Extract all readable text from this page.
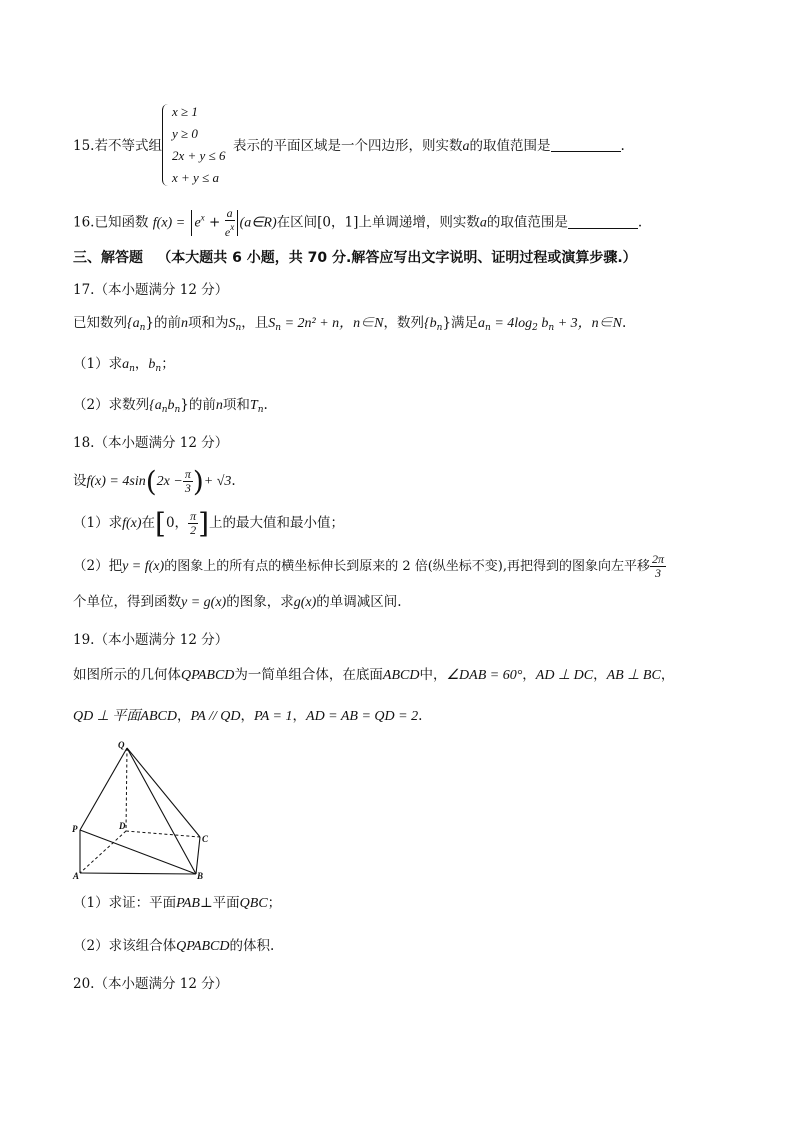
15.若不等式组
x ≥ 1
y ≥ 0
2x + y ≤ 6
x + y ≤ a
表示的平面区域是一个四边形，则实数a的取值范围是	.
16.已知函数 $f(x) = e^x + \frac{a}{e^x}$ (a∈R)在区间[0，1]上单调递增，则实数a的取值范围是	.
三、解答题 （本大题共 6 小题，共 70 分.解答应写出文字说明、证明过程或演算步骤.）
17.（本小题满分 12 分）
已知数列$\{a_n\}$的前n项和为$S_n$，且$S_n = 2n^2 + n$，n∈N，数列$\{b_n\}$满足$a_n = 4\log_2$ $b_n + 3$，n∈N.
（1）求$a_n$，$b_n$；
（2）求数列$\{a_nb_n\}$的前n项和$T_n$.
18.（本小题满分 12 分）
设$f(x) = 4\sin(2x - \frac{\pi}{3}$ )+ √3.
（1）求f(x)在[0， $\frac{\pi}{2}$ ]上的最大值和最小值；
（2）把y = f(x)的图象上的所有点的横坐标伸长到原来的 2 倍(纵坐标不变),再把得到的图象向左平移 $\frac{2\pi}{3}$
个单位，得到函数y = g(x)的图象，求g(x)的单调减区间.
19.（本小题满分 12 分）
如图所示的几何体QPABCD为一简单组合体，在底面ABCD中，∠DAB = 60°，AD ⊥ DC，AB ⊥ BC，
QD ⊥ 平面ABCD，PA // QD，PA = 1，AD = AB = QD = 2.
Q
P	D
C
A	B
（1）求证：平面PAB⊥平面QBC；
（2）求该组合体QPABCD的体积.
20.（本小题满分 12 分）
